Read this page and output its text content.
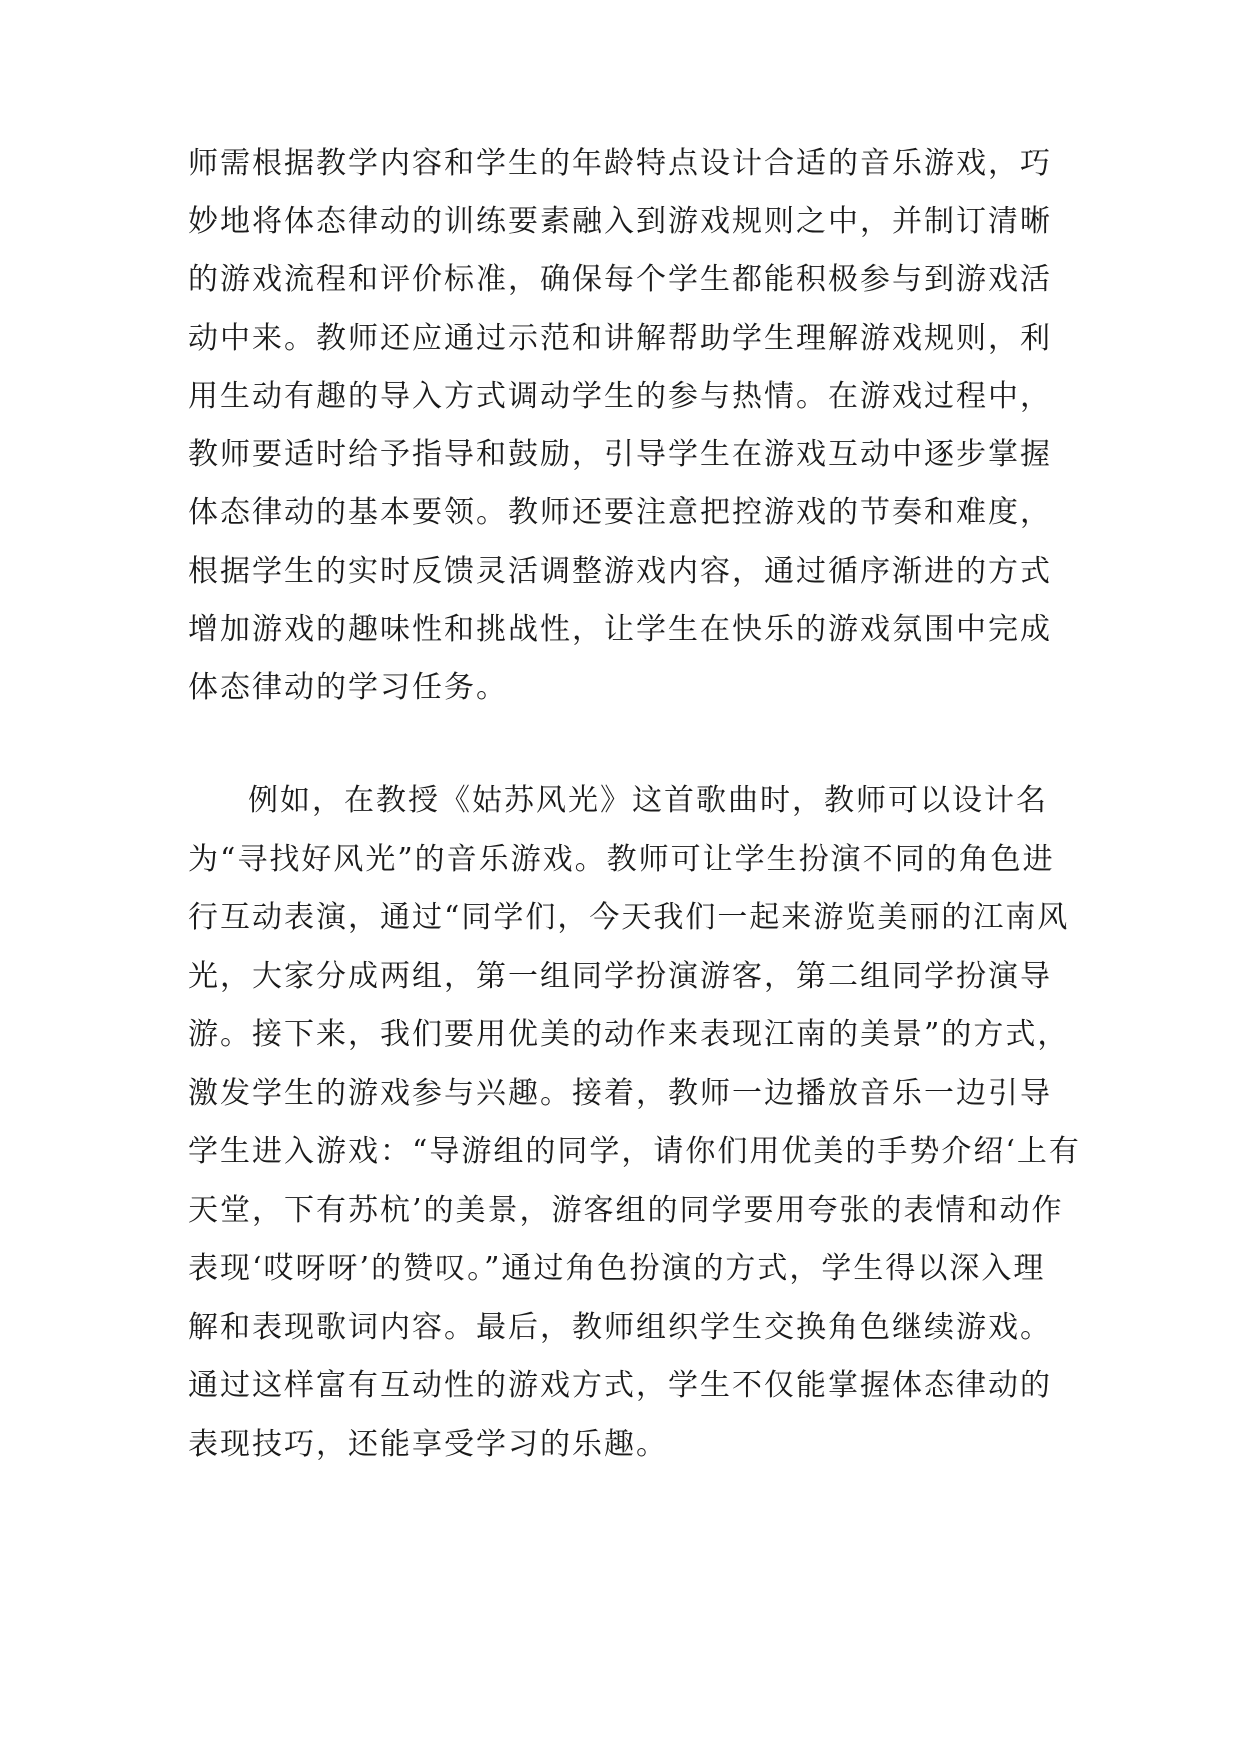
师需根据教学内容和学生的年龄特点设计合适的音乐游戏，巧
妙地将体态律动的训练要素融入到游戏规则之中，并制订清晰
的游戏流程和评价标准，确保每个学生都能积极参与到游戏活
动中来。教师还应通过示范和讲解帮助学生理解游戏规则，利
用生动有趣的导入方式调动学生的参与热情。在游戏过程中，
教师要适时给予指导和鼓励，引导学生在游戏互动中逐步掌握
体态律动的基本要领。教师还要注意把控游戏的节奏和难度，
根据学生的实时反馈灵活调整游戏内容，通过循序渐进的方式
增加游戏的趣味性和挑战性，让学生在快乐的游戏氛围中完成
体态律动的学习任务。
例如，在教授《姑苏风光》这首歌曲时，教师可以设计名
为“寻找好风光”的音乐游戏。教师可让学生扮演不同的角色进
行互动表演，通过“同学们，今天我们一起来游览美丽的江南风
光，大家分成两组，第一组同学扮演游客，第二组同学扮演导
游。接下来，我们要用优美的动作来表现江南的美景”的方式，
激发学生的游戏参与兴趣。接着，教师一边播放音乐一边引导
学生进入游戏：“导游组的同学，请你们用优美的手势介绍‘上有
天堂，下有苏杭’的美景，游客组的同学要用夸张的表情和动作
表现‘哎呀呀’的赞叹。”通过角色扮演的方式，学生得以深入理
解和表现歌词内容。最后，教师组织学生交换角色继续游戏。
通过这样富有互动性的游戏方式，学生不仅能掌握体态律动的
表现技巧，还能享受学习的乐趣。
